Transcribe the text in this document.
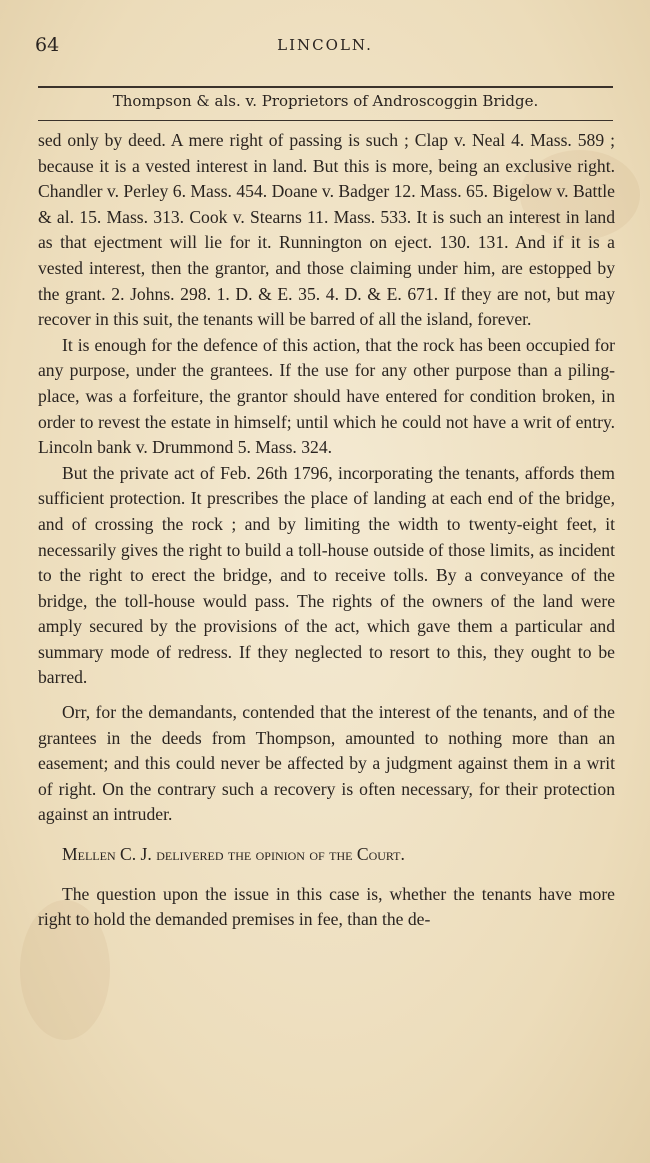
64	LINCOLN.
Thompson & als. v. Proprietors of Androscoggin Bridge.

sed only by deed. A mere right of passing is such ; Clap v. Neal 4. Mass. 589 ; because it is a vested interest in land. But this is more, being an exclusive right. Chandler v. Perley 6. Mass. 454. Doane v. Badger 12. Mass. 65. Bigelow v. Battle & al. 15. Mass. 313. Cook v. Stearns 11. Mass. 533. It is such an interest in land as that ejectment will lie for it. Runnington on eject. 130. 131. And if it is a vested interest, then the grantor, and those claiming under him, are estopped by the grant. 2. Johns. 298. 1. D. & E. 35. 4. D. & E. 671. If they are not, but may recover in this suit, the tenants will be barred of all the island, forever.

It is enough for the defence of this action, that the rock has been occupied for any purpose, under the grantees. If the use for any other purpose than a piling-place, was a forfeiture, the grantor should have entered for condition broken, in order to revest the estate in himself; until which he could not have a writ of entry. Lincoln bank v. Drummond 5. Mass. 324.

But the private act of Feb. 26th 1796, incorporating the tenants, affords them sufficient protection. It prescribes the place of landing at each end of the bridge, and of crossing the rock ; and by limiting the width to twenty-eight feet, it necessarily gives the right to build a toll-house outside of those limits, as incident to the right to erect the bridge, and to receive tolls. By a conveyance of the bridge, the toll-house would pass. The rights of the owners of the land were amply secured by the provisions of the act, which gave them a particular and summary mode of redress. If they neglected to resort to this, they ought to be barred.

Orr, for the demandants, contended that the interest of the tenants, and of the grantees in the deeds from Thompson, amounted to nothing more than an easement; and this could never be affected by a judgment against them in a writ of right. On the contrary such a recovery is often necessary, for their protection against an intruder.

Mellen C. J. delivered the opinion of the Court.

The question upon the issue in this case is, whether the tenants have more right to hold the demanded premises in fee, than the de-
